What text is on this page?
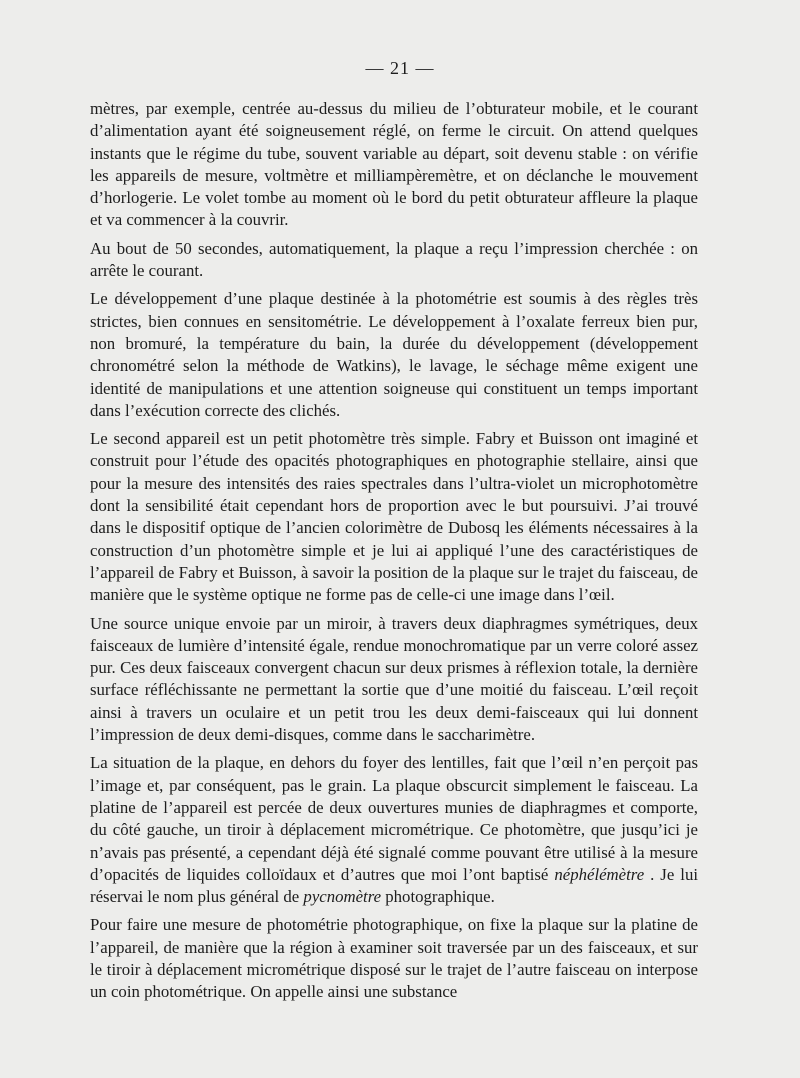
— 21 —

mètres, par exemple, centrée au-dessus du milieu de l’obturateur mobile, et le courant d’alimentation ayant été soigneusement réglé, on ferme le circuit. On attend quelques instants que le régime du tube, souvent variable au départ, soit devenu stable : on vérifie les appareils de mesure, voltmètre et milliampèremètre, et on déclanche le mouvement d’horlogerie. Le volet tombe au moment où le bord du petit obturateur affleure la plaque et va commencer à la couvrir.

Au bout de 50 secondes, automatiquement, la plaque a reçu l’impression cherchée : on arrête le courant.

Le développement d’une plaque destinée à la photométrie est soumis à des règles très strictes, bien connues en sensitométrie. Le développement à l’oxalate ferreux bien pur, non bromuré, la température du bain, la durée du développement (développement chronométré selon la méthode de Watkins), le lavage, le séchage même exigent une identité de manipulations et une attention soigneuse qui constituent un temps important dans l’exécution correcte des clichés.

Le second appareil est un petit photomètre très simple. Fabry et Buisson ont imaginé et construit pour l’étude des opacités photographiques en photographie stellaire, ainsi que pour la mesure des intensités des raies spectrales dans l’ultra-violet un microphotomètre dont la sensibilité était cependant hors de proportion avec le but poursuivi. J’ai trouvé dans le dispositif optique de l’ancien colorimètre de Dubosq les éléments nécessaires à la construction d’un photomètre simple et je lui ai appliqué l’une des caractéristiques de l’appareil de Fabry et Buisson, à savoir la position de la plaque sur le trajet du faisceau, de manière que le système optique ne forme pas de celle-ci une image dans l’œil.

Une source unique envoie par un miroir, à travers deux diaphragmes symétriques, deux faisceaux de lumière d’intensité égale, rendue monochromatique par un verre coloré assez pur. Ces deux faisceaux convergent chacun sur deux prismes à réflexion totale, la dernière surface réfléchissante ne permettant la sortie que d’une moitié du faisceau. L’œil reçoit ainsi à travers un oculaire et un petit trou les deux demi-faisceaux qui lui donnent l’impression de deux demi-disques, comme dans le saccharimètre.

La situation de la plaque, en dehors du foyer des lentilles, fait que l’œil n’en perçoit pas l’image et, par conséquent, pas le grain. La plaque obscurcit simplement le faisceau. La platine de l’appareil est percée de deux ouvertures munies de diaphragmes et comporte, du côté gauche, un tiroir à déplacement micrométrique. Ce photomètre, que jusqu’ici je n’avais pas présenté, a cependant déjà été signalé comme pouvant être utilisé à la mesure d’opacités de liquides colloïdaux et d’autres que moi l’ont baptisé néphélémètre . Je lui réservai le nom plus général de pycnomètre photographique.

Pour faire une mesure de photométrie photographique, on fixe la plaque sur la platine de l’appareil, de manière que la région à examiner soit traversée par un des faisceaux, et sur le tiroir à déplacement micrométrique disposé sur le trajet de l’autre faisceau on interpose un coin photométrique. On appelle ainsi une substance
